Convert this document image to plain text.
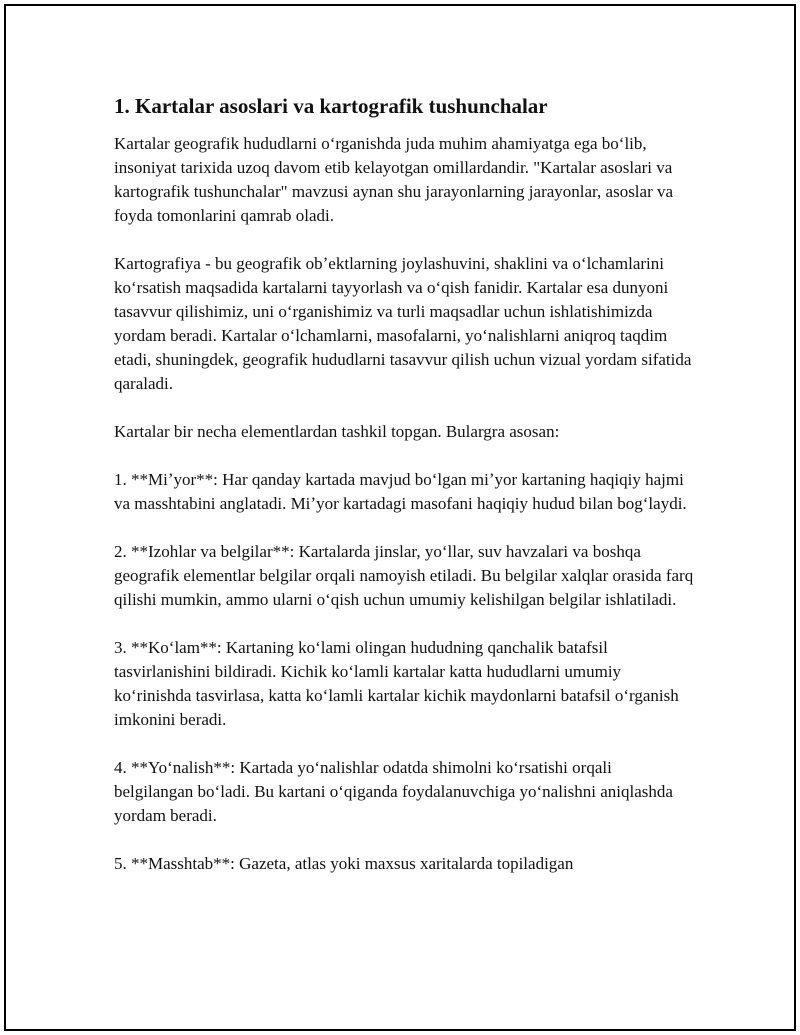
1. Kartalar asoslari va kartografik tushunchalar

Kartalar geografik hududlarni oʻrganishda juda muhim ahamiyatga ega boʻlib, insoniyat tarixida uzoq davom etib kelayotgan omillardandir. "Kartalar asoslari va kartografik tushunchalar" mavzusi aynan shu jarayonlarning jarayonlar, asoslar va foyda tomonlarini qamrab oladi.

Kartografiya - bu geografik obʼektlarning joylashuvini, shaklini va oʻlchamlarini koʻrsatish maqsadida kartalarni tayyorlash va oʻqish fanidir. Kartalar esa dunyoni tasavvur qilishimiz, uni oʻrganishimiz va turli maqsadlar uchun ishlatishimizda yordam beradi. Kartalar oʻlchamlarni, masofalarni, yoʻnalishlarni aniqroq taqdim etadi, shuningdek, geografik hududlarni tasavvur qilish uchun vizual yordam sifatida qaraladi.

Kartalar bir necha elementlardan tashkil topgan. Bulargra asosan:

1. **Miʼyor**: Har qanday kartada mavjud boʻlgan miʼyor kartaning haqiqiy hajmi va masshtabini anglatadi. Miʼyor kartadagi masofani haqiqiy hudud bilan bogʻlaydi.

2. **Izohlar va belgilar**: Kartalarda jinslar, yoʻllar, suv havzalari va boshqa geografik elementlar belgilar orqali namoyish etiladi. Bu belgilar xalqlar orasida farq qilishi mumkin, ammo ularni oʻqish uchun umumiy kelishilgan belgilar ishlatiladi.

3. **Koʻlam**: Kartaning koʻlami olingan hududning qanchalik batafsil tasvirlanishini bildiradi. Kichik koʻlamli kartalar katta hududlarni umumiy koʻrinishda tasvirlasa, katta koʻlamli kartalar kichik maydonlarni batafsil oʻrganish imkonini beradi.

4. **Yoʻnalish**: Kartada yoʻnalishlar odatda shimolni koʻrsatishi orqali belgilangan boʻladi. Bu kartani oʻqiganda foydalanuvchiga yoʻnalishni aniqlashda yordam beradi.

5. **Masshtab**: Gazeta, atlas yoki maxsus xaritalarda topiladigan
